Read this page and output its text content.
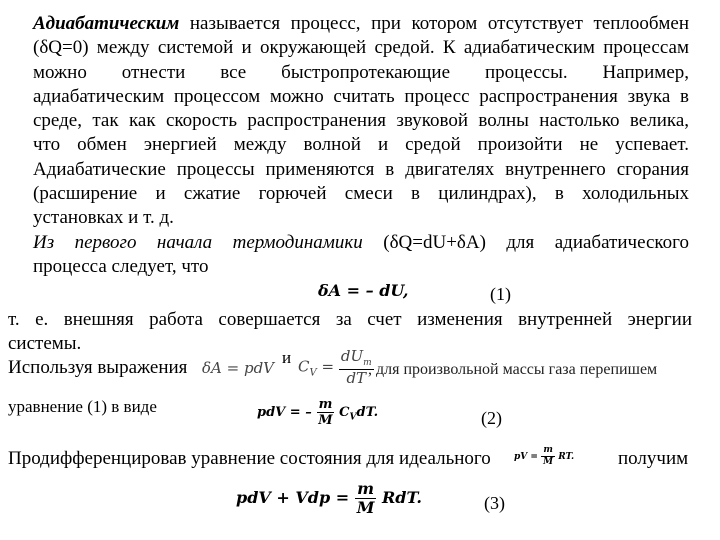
Адиабатическим называется процесс, при котором отсутствует теплообмен
(δQ=0) между системой и окружающей средой. К адиабатическим процессам
можно отнести все быстропротекающие процессы. Например,
адиабатическим процессом можно считать процесс распространения звука в
среде, так как скорость распространения звуковой волны настолько велика,
что обмен энергией между волной и средой произойти не успевает.
Адиабатические процессы применяются в двигателях внутреннего сгорания
(расширение и сжатие горючей смеси в цилиндрах), в холодильных
установках и т. д.
Из первого начала термодинамики (δQ=dU+δA) для адиабатического
процесса следует, что
δA = – dU,	(1)
т. е. внешняя работа совершается за счет изменения внутренней энергии
системы.
Используя выражения δA = pdV
и $C_V = \frac{dU_m}{dT}$
, для произвольной массы газа перепишем
уравнение (1) в виде	pdV = – $\frac{m}{M} C_VdT$.	(2)
Продифференцировав уравнение состояния для идеального	pV = $\frac{m}{M}$ RT. получим
pdV + Vdp = $\frac{m}{M}$ RdT.	(3)
